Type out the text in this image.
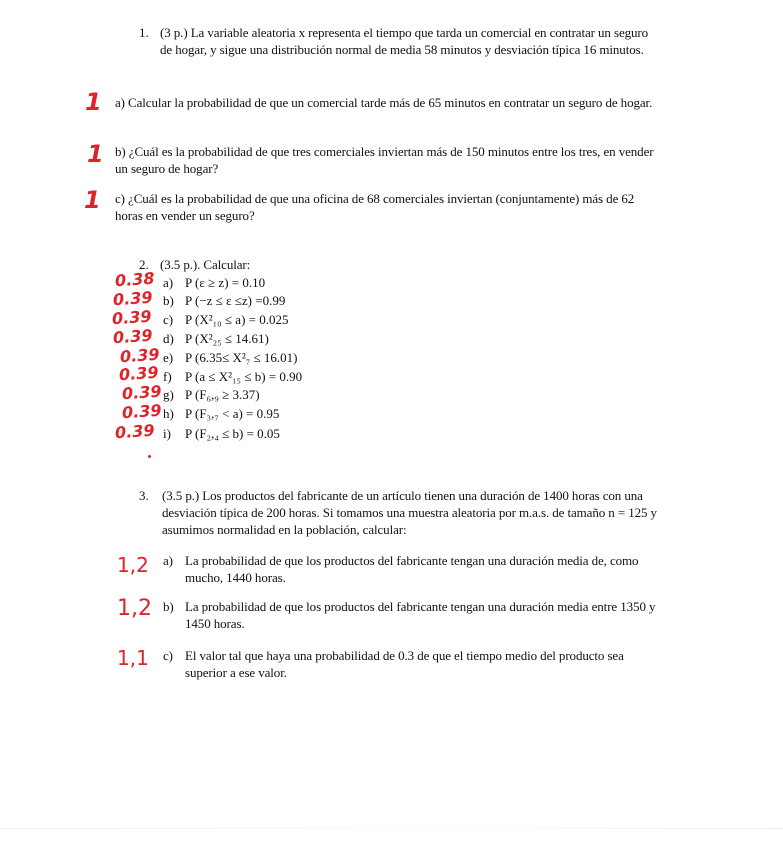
1. (3 p.) La variable aleatoria x representa el tiempo que tarda un comercial en contratar un seguro de hogar, y sigue una distribución normal de media 58 minutos y desviación típica 16 minutos.
1 a) Calcular la probabilidad de que un comercial tarde más de 65 minutos en contratar un seguro de hogar.
1 b) ¿Cuál es la probabilidad de que tres comerciales inviertan más de 150 minutos entre los tres, en vender un seguro de hogar?
1 c) ¿Cuál es la probabilidad de que una oficina de 68 comerciales inviertan (conjuntamente) más de 62 horas en vender un seguro?
2. (3.5 p.). Calcular:
0.38 a) P (ε ≥ z) = 0.10
0.39 b) P (−z ≤ ε ≤z) =0.99
0.39 c) P (X²₁₀ ≤ a) = 0.025
0.39 d) P (X²₂₅ ≤ 14.61)
0.39 e) P (6.35≤ X²₇ ≤ 16.01)
0.39 f) P (a ≤ X²₁₅ ≤ b) = 0.90
0.39 g) P (F₆,₉ ≥ 3.37)
0.39 h) P (F₃,₇ < a) = 0.95
0.39 i) P (F₂,₄ ≤ b) = 0.05
3. (3.5 p.) Los productos del fabricante de un artículo tienen una duración de 1400 horas con una desviación típica de 200 horas. Si tomamos una muestra aleatoria por m.a.s. de tamaño n = 125 y asumimos normalidad en la población, calcular:
1,2 a) La probabilidad de que los productos del fabricante tengan una duración media de, como mucho, 1440 horas.
1,2 b) La probabilidad de que los productos del fabricante tengan una duración media entre 1350 y 1450 horas.
1,1 c) El valor tal que haya una probabilidad de 0.3 de que el tiempo medio del producto sea superior a ese valor.
